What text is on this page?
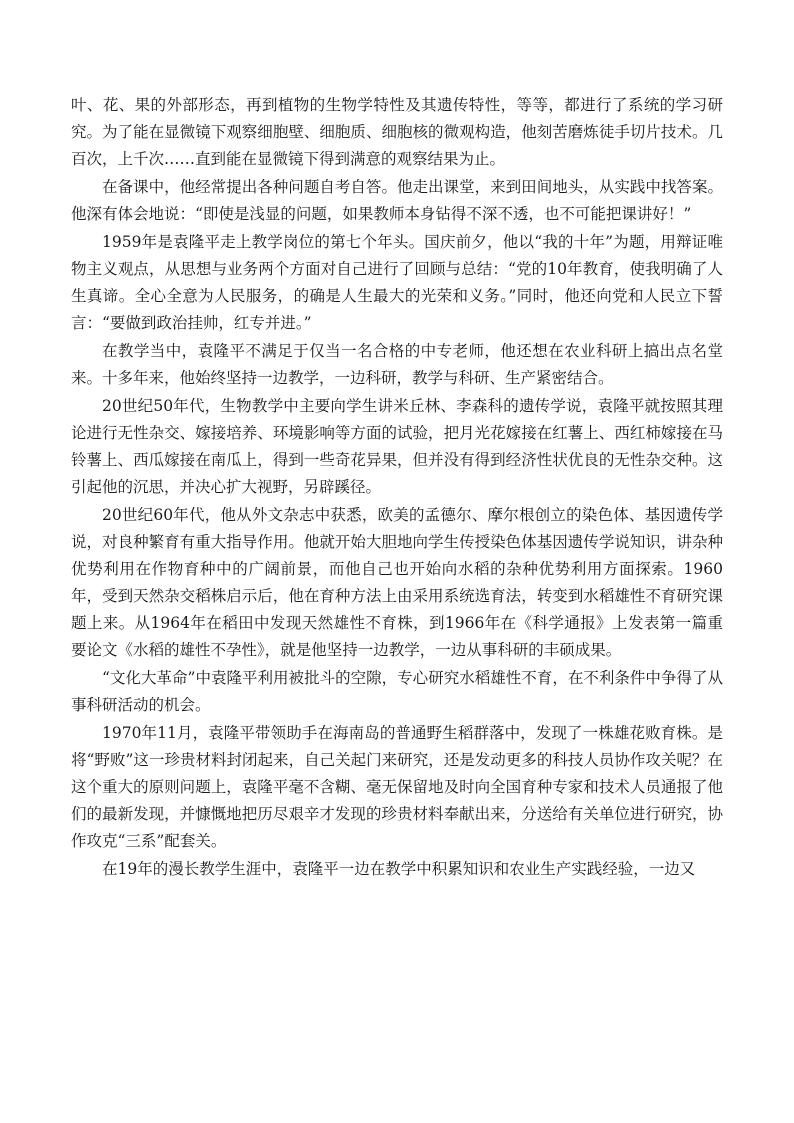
叶、花、果的外部形态，再到植物的生物学特性及其遗传特性，等等，都进行了系统的学习研究。为了能在显微镜下观察细胞壁、细胞质、细胞核的微观构造，他刻苦磨炼徒手切片技术。几百次，上千次……直到能在显微镜下得到满意的观察结果为止。

在备课中，他经常提出各种问题自考自答。他走出课堂，来到田间地头，从实践中找答案。他深有体会地说：“即使是浅显的问题，如果教师本身钻得不深不透，也不可能把课讲好！”

1959年是袁隆平走上教学岗位的第七个年头。国庆前夕，他以“我的十年”为题，用辩证唯物主义观点，从思想与业务两个方面对自己进行了回顾与总结：“党的10年教育，使我明确了人生真谛。全心全意为人民服务，的确是人生最大的光荣和义务。”同时，他还向党和人民立下誓言：“要做到政治挂帅，红专并进。”

在教学当中，袁隆平不满足于仅当一名合格的中专老师，他还想在农业科研上搞出点名堂来。十多年来，他始终坚持一边教学，一边科研，教学与科研、生产紧密结合。

20世纪50年代，生物教学中主要向学生讲米丘林、李森科的遗传学说，袁隆平就按照其理论进行无性杂交、嫁接培养、环境影响等方面的试验，把月光花嫁接在红薯上、西红柿嫁接在马铃薯上、西瓜嫁接在南瓜上，得到一些奇花异果，但并没有得到经济性状优良的无性杂交种。这引起他的沉思，并决心扩大视野，另辟蹊径。

20世纪60年代，他从外文杂志中获悉，欧美的孟德尔、摩尔根创立的染色体、基因遗传学说，对良种繁育有重大指导作用。他就开始大胆地向学生传授染色体基因遗传学说知识，讲杂种优势利用在作物育种中的广阔前景，而他自己也开始向水稻的杂种优势利用方面探索。1960年，受到天然杂交稻株启示后，他在育种方法上由采用系统选育法，转变到水稻雄性不育研究课题上来。从1964年在稻田中发现天然雄性不育株，到1966年在《科学通报》上发表第一篇重要论文《水稻的雄性不孕性》，就是他坚持一边教学，一边从事科研的丰硕成果。

“文化大革命”中袁隆平利用被批斗的空隙，专心研究水稻雄性不育，在不利条件中争得了从事科研活动的机会。

1970年11月，袁隆平带领助手在海南岛的普通野生稻群落中，发现了一株雄花败育株。是将“野败”这一珍贵材料封闭起来，自己关起门来研究，还是发动更多的科技人员协作攻关呢？在这个重大的原则问题上，袁隆平毫不含糊、毫无保留地及时向全国育种专家和技术人员通报了他们的最新发现，并慷慨地把历尽艰辛才发现的珍贵材料奉献出来，分送给有关单位进行研究，协作攻克“三系”配套关。

在19年的漫长教学生涯中，袁隆平一边在教学中积累知识和农业生产实践经验，一边又
